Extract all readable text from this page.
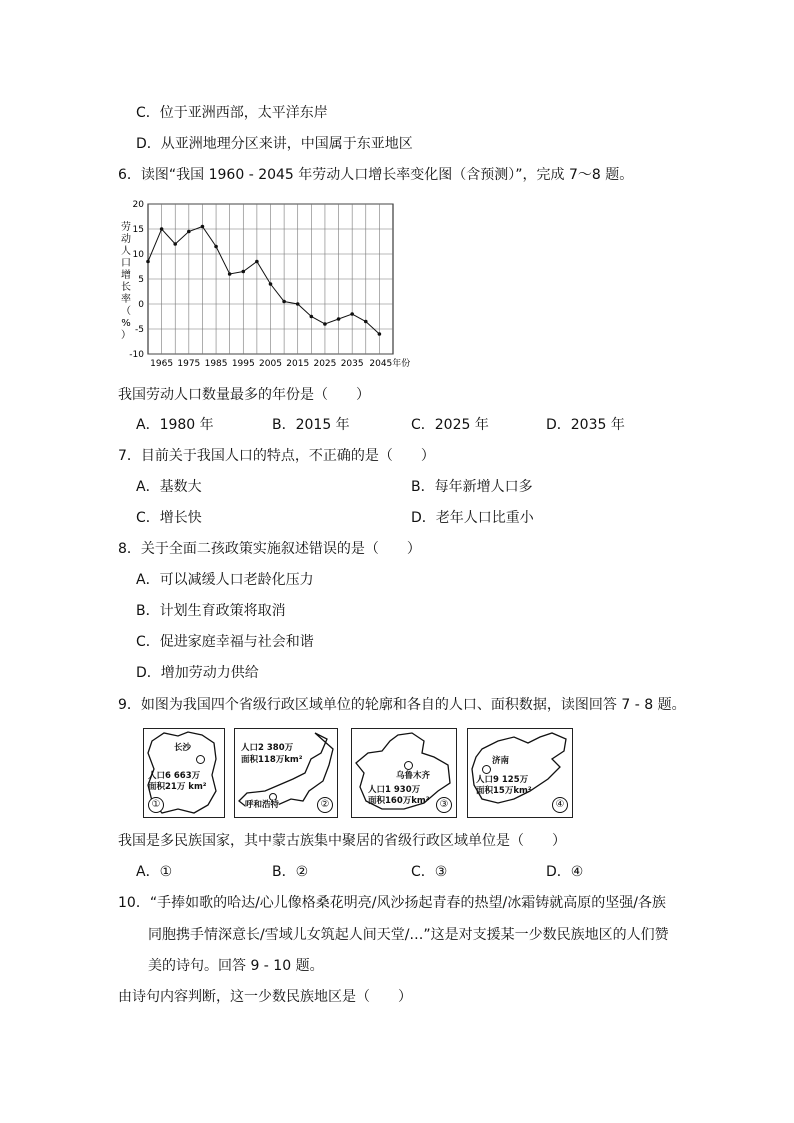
C．位于亚洲西部，太平洋东岸
D．从亚洲地理分区来讲，中国属于东亚地区
6．读图“我国 1960 - 2045 年劳动人口增长率变化图（含预测）”，完成 7～8 题。
20
15
10
5
0
-5
-10
1965 1975 1985 1995 2005 2015 2025 2035 2045年份
劳动人口增长率（%）
我国劳动人口数量最多的年份是（　　）
A．1980 年	B．2015 年	C．2025 年	D．2035 年
7．目前关于我国人口的特点，不正确的是（　　）
A．基数大	B．每年新增人口多
C．增长快	D．老年人口比重小
8．关于全面二孩政策实施叙述错误的是（　　）
A．可以减缓人口老龄化压力
B．计划生育政策将取消
C．促进家庭幸福与社会和谐
D．增加劳动力供给
9．如图为我国四个省级行政区域单位的轮廓和各自的人口、面积数据，读图回答 7 - 8 题。
长沙
人口6 663万
面积21万 km²
①
人口2 380万
面积118万km²
呼和浩特	②
乌鲁木齐
人口1 930万
面积160万km²	③
济南
人口9 125万
面积15万km²
④
我国是多民族国家，其中蒙古族集中聚居的省级行政区域单位是（　　）
A．①	B．②	C．③	D．④
10．“手捧如歌的哈达/心儿像格桑花明亮/风沙扬起青春的热望/冰霜铸就高原的坚强/各族
同胞携手情深意长/雪域儿女筑起人间天堂/…”这是对支援某一少数民族地区的人们赞
美的诗句。回答 9 - 10 题。
由诗句内容判断，这一少数民族地区是（　　）
